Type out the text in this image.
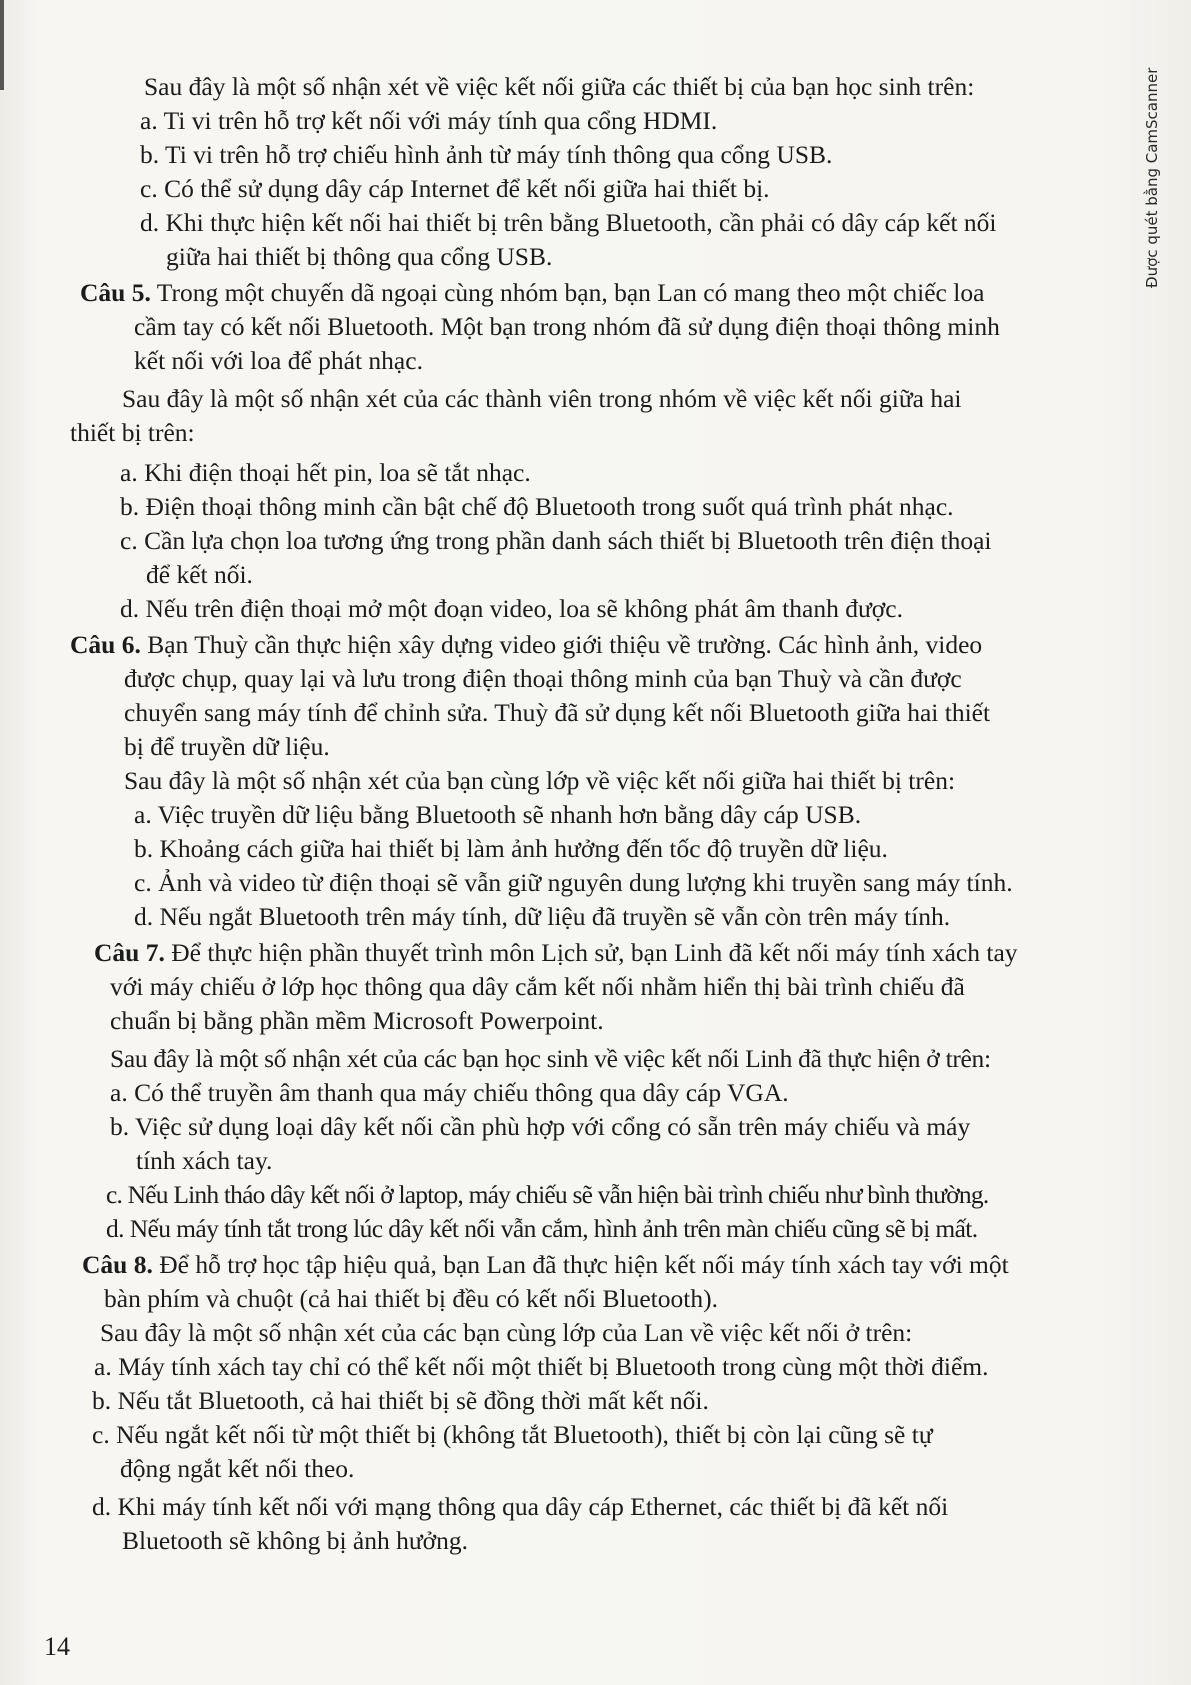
Được quét bằng CamScanner
Sau đây là một số nhận xét về việc kết nối giữa các thiết bị của bạn học sinh trên:
a. Ti vi trên hỗ trợ kết nối với máy tính qua cổng HDMI.
b. Ti vi trên hỗ trợ chiếu hình ảnh từ máy tính thông qua cổng USB.
c. Có thể sử dụng dây cáp Internet để kết nối giữa hai thiết bị.
d. Khi thực hiện kết nối hai thiết bị trên bằng Bluetooth, cần phải có dây cáp kết nối
giữa hai thiết bị thông qua cổng USB.
Câu 5. Trong một chuyến dã ngoại cùng nhóm bạn, bạn Lan có mang theo một chiếc loa
cầm tay có kết nối Bluetooth. Một bạn trong nhóm đã sử dụng điện thoại thông minh
kết nối với loa để phát nhạc.
Sau đây là một số nhận xét của các thành viên trong nhóm về việc kết nối giữa hai
thiết bị trên:
a. Khi điện thoại hết pin, loa sẽ tắt nhạc.
b. Điện thoại thông minh cần bật chế độ Bluetooth trong suốt quá trình phát nhạc.
c. Cần lựa chọn loa tương ứng trong phần danh sách thiết bị Bluetooth trên điện thoại
để kết nối.
d. Nếu trên điện thoại mở một đoạn video, loa sẽ không phát âm thanh được.
Câu 6. Bạn Thuỳ cần thực hiện xây dựng video giới thiệu về trường. Các hình ảnh, video
được chụp, quay lại và lưu trong điện thoại thông minh của bạn Thuỳ và cần được
chuyển sang máy tính để chỉnh sửa. Thuỳ đã sử dụng kết nối Bluetooth giữa hai thiết
bị để truyền dữ liệu.
Sau đây là một số nhận xét của bạn cùng lớp về việc kết nối giữa hai thiết bị trên:
a. Việc truyền dữ liệu bằng Bluetooth sẽ nhanh hơn bằng dây cáp USB.
b. Khoảng cách giữa hai thiết bị làm ảnh hưởng đến tốc độ truyền dữ liệu.
c. Ảnh và video từ điện thoại sẽ vẫn giữ nguyên dung lượng khi truyền sang máy tính.
d. Nếu ngắt Bluetooth trên máy tính, dữ liệu đã truyền sẽ vẫn còn trên máy tính.
Câu 7. Để thực hiện phần thuyết trình môn Lịch sử, bạn Linh đã kết nối máy tính xách tay
với máy chiếu ở lớp học thông qua dây cắm kết nối nhằm hiển thị bài trình chiếu đã
chuẩn bị bằng phần mềm Microsoft Powerpoint.
Sau đây là một số nhận xét của các bạn học sinh về việc kết nối Linh đã thực hiện ở trên:
a. Có thể truyền âm thanh qua máy chiếu thông qua dây cáp VGA.
b. Việc sử dụng loại dây kết nối cần phù hợp với cổng có sẵn trên máy chiếu và máy
tính xách tay.
c. Nếu Linh tháo dây kết nối ở laptop, máy chiếu sẽ vẫn hiện bài trình chiếu như bình thường.
d. Nếu máy tính tắt trong lúc dây kết nối vẫn cắm, hình ảnh trên màn chiếu cũng sẽ bị mất.
Câu 8. Để hỗ trợ học tập hiệu quả, bạn Lan đã thực hiện kết nối máy tính xách tay với một
bàn phím và chuột (cả hai thiết bị đều có kết nối Bluetooth).
Sau đây là một số nhận xét của các bạn cùng lớp của Lan về việc kết nối ở trên:
a. Máy tính xách tay chỉ có thể kết nối một thiết bị Bluetooth trong cùng một thời điểm.
b. Nếu tắt Bluetooth, cả hai thiết bị sẽ đồng thời mất kết nối.
c. Nếu ngắt kết nối từ một thiết bị (không tắt Bluetooth), thiết bị còn lại cũng sẽ tự
động ngắt kết nối theo.
d. Khi máy tính kết nối với mạng thông qua dây cáp Ethernet, các thiết bị đã kết nối
Bluetooth sẽ không bị ảnh hưởng.
14
